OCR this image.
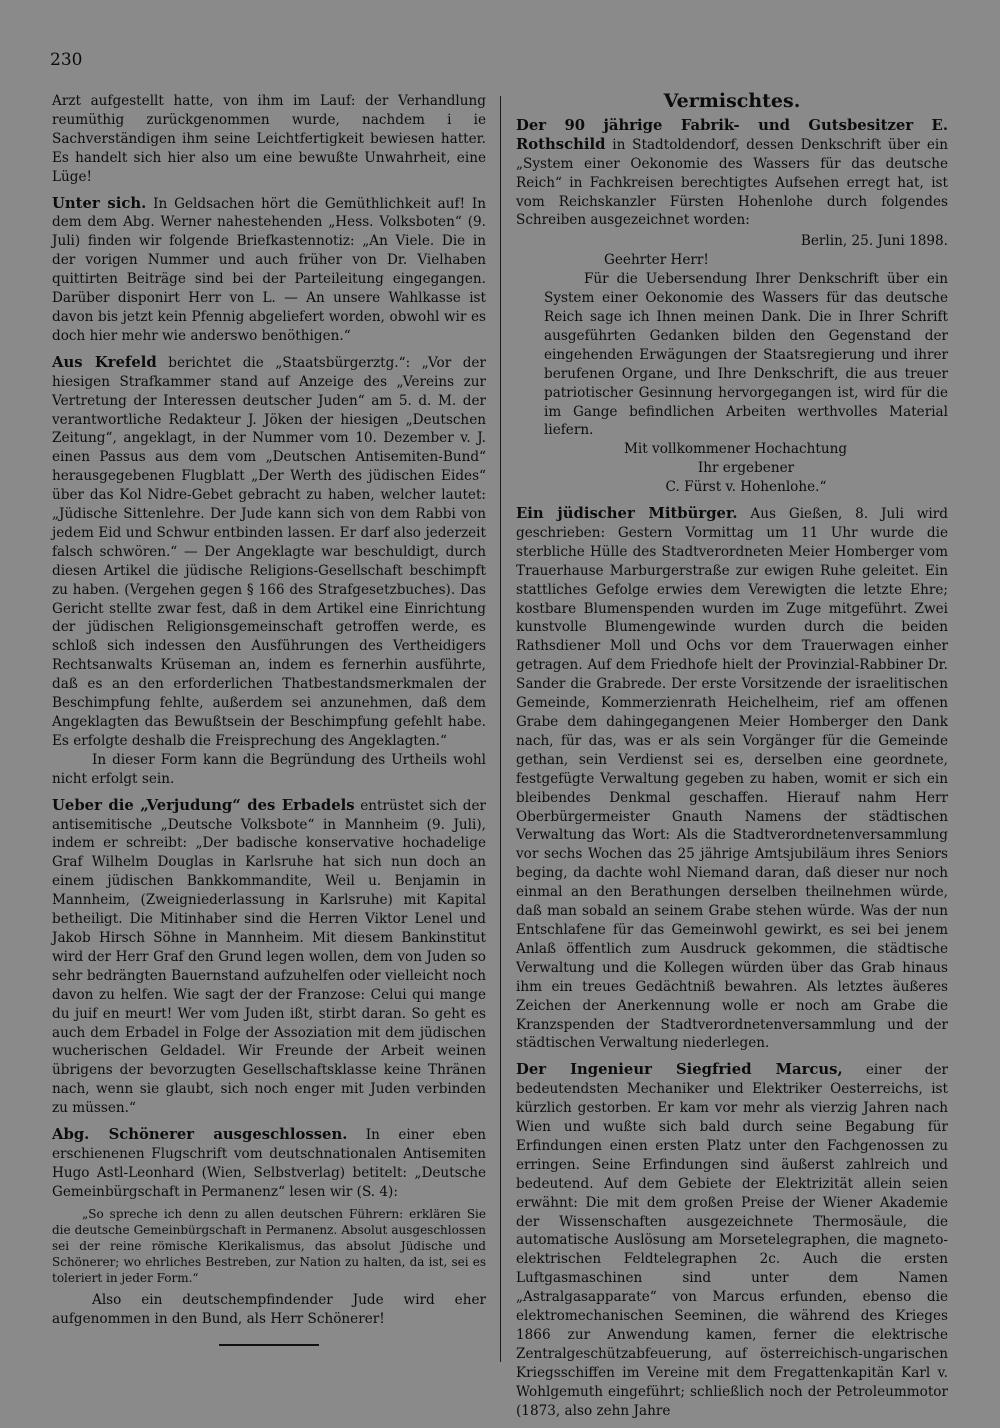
230

Arzt aufgestellt hatte, von ihm im Lauf: der Verhandlung reumüthig zurückgenommen wurde, nachdem i ie Sachverständigen ihm seine Leichtfertigkeit bewiesen hatter. Es handelt sich hier also um eine bewußte Unwahrheit, eine Lüge!

Unter sich. In Geldsachen hört die Gemüthlichkeit auf! In dem dem Abg. Werner nahestehenden „Hess. Volksboten“ (9. Juli) finden wir folgende Briefkastennotiz: „An Viele. Die in der vorigen Nummer und auch früher von Dr. Vielhaben quittirten Beiträge sind bei der Parteileitung eingegangen. Darüber disponirt Herr von L. — An unsere Wahlkasse ist davon bis jetzt kein Pfennig abgeliefert worden, obwohl wir es doch hier mehr wie anderswo benöthigen.“

Aus Krefeld berichtet die „Staatsbürgerztg.“: „Vor der hiesigen Strafkammer stand auf Anzeige des „Vereins zur Vertretung der Interessen deutscher Juden“ am 5. d. M. der verantwortliche Redakteur J. Jöken der hiesigen „Deutschen Zeitung“, angeklagt, in der Nummer vom 10. Dezember v. J. einen Passus aus dem vom „Deutschen Antisemiten-Bund“ herausgegebenen Flugblatt „Der Werth des jüdischen Eides“ über das Kol Nidre-Gebet gebracht zu haben, welcher lautet: „Jüdische Sittenlehre. Der Jude kann sich von dem Rabbi von jedem Eid und Schwur entbinden lassen. Er darf also jederzeit falsch schwören.“ — Der Angeklagte war beschuldigt, durch diesen Artikel die jüdische Religions-Gesellschaft beschimpft zu haben. (Vergehen gegen § 166 des Strafgesetzbuches). Das Gericht stellte zwar fest, daß in dem Artikel eine Einrichtung der jüdischen Religionsgemeinschaft getroffen werde, es schloß sich indessen den Ausführungen des Vertheidigers Rechtsanwalts Krüseman an, indem es fernerhin ausführte, daß es an den erforderlichen Thatbestandsmerkmalen der Beschimpfung fehlte, außerdem sei anzunehmen, daß dem Angeklagten das Bewußtsein der Beschimpfung gefehlt habe. Es erfolgte deshalb die Freisprechung des Angeklagten.“

In dieser Form kann die Begründung des Urtheils wohl nicht erfolgt sein.

Ueber die „Verjudung“ des Erbadels entrüstet sich der antisemitische „Deutsche Volksbote“ in Mannheim (9. Juli), indem er schreibt: „Der badische konservative hochadelige Graf Wilhelm Douglas in Karlsruhe hat sich nun doch an einem jüdischen Bankkommandite, Weil u. Benjamin in Mannheim, (Zweigniederlassung in Karlsruhe) mit Kapital betheiligt. Die Mitinhaber sind die Herren Viktor Lenel und Jakob Hirsch Söhne in Mannheim. Mit diesem Bankinstitut wird der Herr Graf den Grund legen wollen, dem von Juden so sehr bedrängten Bauernstand aufzuhelfen oder vielleicht noch davon zu helfen. Wie sagt der der Franzose: Celui qui mange du juif en meurt! Wer vom Juden ißt, stirbt daran. So geht es auch dem Erbadel in Folge der Assoziation mit dem jüdischen wucherischen Geldadel. Wir Freunde der Arbeit weinen übrigens der bevorzugten Gesellschaftsklasse keine Thränen nach, wenn sie glaubt, sich noch enger mit Juden verbinden zu müssen.“

Abg. Schönerer ausgeschlossen. In einer eben erschienenen Flugschrift vom deutschnationalen Antisemiten Hugo Astl-Leonhard (Wien, Selbstverlag) betitelt: „Deutsche Gemeinbürgschaft in Permanenz“ lesen wir (S. 4):

„So spreche ich denn zu allen deutschen Führern: erklären Sie die deutsche Gemeinbürgschaft in Permanenz. Absolut ausgeschlossen sei der reine römische Klerikalismus, das absolut Jüdische und Schönerer; wo ehrliches Bestreben, zur Nation zu halten, da ist, sei es toleriert in jeder Form.“

Also ein deutschempfindender Jude wird eher aufgenommen in den Bund, als Herr Schönerer!

Vermischtes.

Der 90 jährige Fabrik- und Gutsbesitzer E. Rothschild in Stadtoldendorf, dessen Denkschrift über ein „System einer Oekonomie des Wassers für das deutsche Reich“ in Fachkreisen berechtigtes Aufsehen erregt hat, ist vom Reichskanzler Fürsten Hohenlohe durch folgendes Schreiben ausgezeichnet worden:

Berlin, 25. Juni 1898.

Geehrter Herr!

Für die Uebersendung Ihrer Denkschrift über ein System einer Oekonomie des Wassers für das deutsche Reich sage ich Ihnen meinen Dank. Die in Ihrer Schrift ausgeführten Gedanken bilden den Gegenstand der eingehenden Erwägungen der Staatsregierung und ihrer berufenen Organe, und Ihre Denkschrift, die aus treuer patriotischer Gesinnung hervorgegangen ist, wird für die im Gange befindlichen Arbeiten werthvolles Material liefern.

Mit vollkommener Hochachtung

Ihr ergebener

C. Fürst v. Hohenlohe.“

Ein jüdischer Mitbürger. Aus Gießen, 8. Juli wird geschrieben: Gestern Vormittag um 11 Uhr wurde die sterbliche Hülle des Stadtverordneten Meier Homberger vom Trauerhause Marburgerstraße zur ewigen Ruhe geleitet. Ein stattliches Gefolge erwies dem Verewigten die letzte Ehre; kostbare Blumenspenden wurden im Zuge mitgeführt. Zwei kunstvolle Blumengewinde wurden durch die beiden Rathsdiener Moll und Ochs vor dem Trauerwagen einher getragen. Auf dem Friedhofe hielt der Provinzial-Rabbiner Dr. Sander die Grabrede. Der erste Vorsitzende der israelitischen Gemeinde, Kommerzienrath Heichelheim, rief am offenen Grabe dem dahingegangenen Meier Homberger den Dank nach, für das, was er als sein Vorgänger für die Gemeinde gethan, sein Verdienst sei es, derselben eine geordnete, festgefügte Verwaltung gegeben zu haben, womit er sich ein bleibendes Denkmal geschaffen. Hierauf nahm Herr Oberbürgermeister Gnauth Namens der städtischen Verwaltung das Wort: Als die Stadtverordnetenversammlung vor sechs Wochen das 25 jährige Amtsjubiläum ihres Seniors beging, da dachte wohl Niemand daran, daß dieser nur noch einmal an den Berathungen derselben theilnehmen würde, daß man sobald an seinem Grabe stehen würde. Was der nun Entschlafene für das Gemeinwohl gewirkt, es sei bei jenem Anlaß öffentlich zum Ausdruck gekommen, die städtische Verwaltung und die Kollegen würden über das Grab hinaus ihm ein treues Gedächtniß bewahren. Als letztes äußeres Zeichen der Anerkennung wolle er noch am Grabe die Kranzspenden der Stadtverordnetenversammlung und der städtischen Verwaltung niederlegen.

Der Ingenieur Siegfried Marcus, einer der bedeutendsten Mechaniker und Elektriker Oesterreichs, ist kürzlich gestorben. Er kam vor mehr als vierzig Jahren nach Wien und wußte sich bald durch seine Begabung für Erfindungen einen ersten Platz unter den Fachgenossen zu erringen. Seine Erfindungen sind äußerst zahlreich und bedeutend. Auf dem Gebiete der Elektrizität allein seien erwähnt: Die mit dem großen Preise der Wiener Akademie der Wissenschaften ausgezeichnete Thermosäule, die automatische Auslösung am Morsetelegraphen, die magneto-elektrischen Feldtelegraphen 2c. Auch die ersten Luftgasmaschinen sind unter dem Namen „Astralgasapparate“ von Marcus erfunden, ebenso die elektromechanischen Seeminen, die während des Krieges 1866 zur Anwendung kamen, ferner die elektrische Zentralgeschützabfeuerung, auf österreichisch-ungarischen Kriegsschiffen im Vereine mit dem Fregattenkapitän Karl v. Wohlgemuth eingeführt; schließlich noch der Petroleummotor (1873, also zehn Jahre
